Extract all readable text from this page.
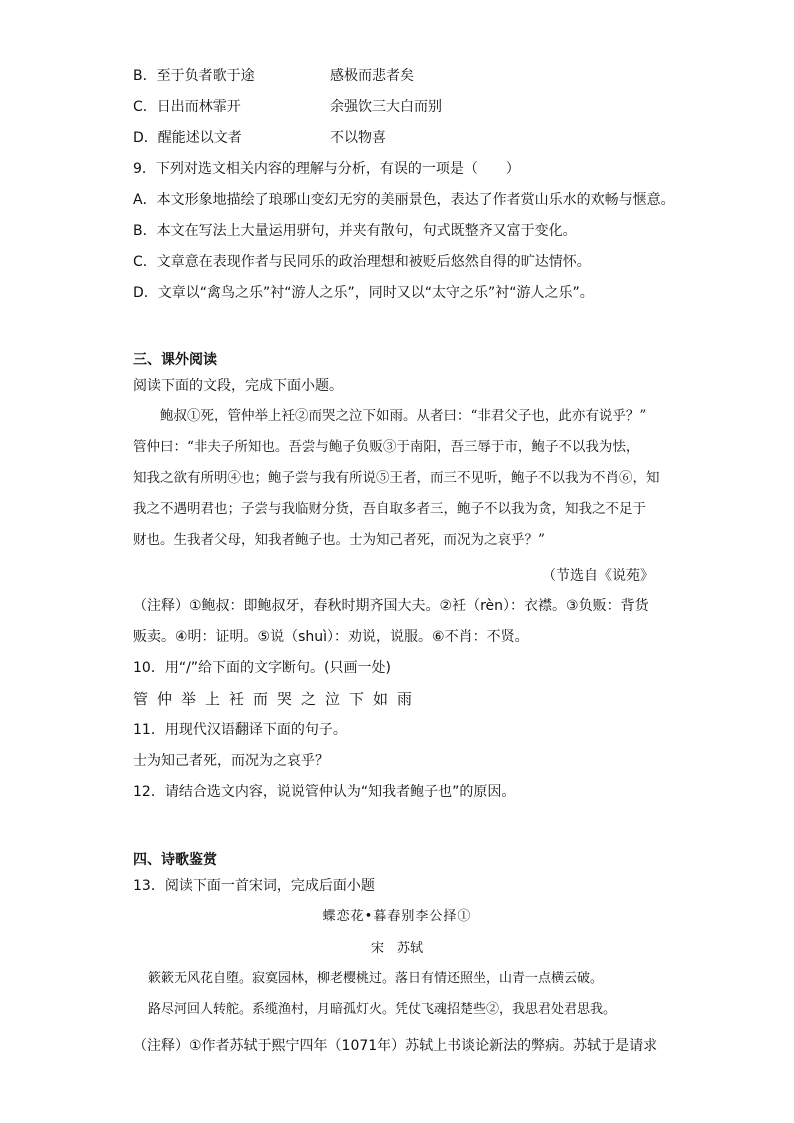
B．至于负者歌于途	感极而悲者矣
C．日出而林霏开	余强饮三大白而别
D．醒能述以文者	不以物喜
9．下列对选文相关内容的理解与分析，有误的一项是（　　）
A．本文形象地描绘了琅琊山变幻无穷的美丽景色，表达了作者赏山乐水的欢畅与惬意。
B．本文在写法上大量运用骈句，并夹有散句，句式既整齐又富于变化。
C．文章意在表现作者与民同乐的政治理想和被贬后悠然自得的旷达情怀。
D．文章以“禽鸟之乐”衬“游人之乐”，同时又以“太守之乐”衬“游人之乐”。
三、课外阅读
阅读下面的文段，完成下面小题。
　　鲍叔①死，管仲举上衽②而哭之泣下如雨。从者曰：“非君父子也，此亦有说乎？”
管仲曰：“非夫子所知也。吾尝与鲍子负贩③于南阳，吾三辱于市，鲍子不以我为怯，
知我之欲有所明④也；鲍子尝与我有所说⑤王者，而三不见听，鲍子不以我为不肖⑥，知
我之不遇明君也；子尝与我临财分货，吾自取多者三，鲍子不以我为贪，知我之不足于
财也。生我者父母，知我者鲍子也。士为知己者死，而况为之哀乎？”
（节选自《说苑》
（注释）①鲍叔：即鲍叔牙，春秋时期齐国大夫。②衽（rèn）：衣襟。③负贩：背货
贩卖。④明：证明。⑤说（shuì）：劝说，说服。⑥不肖：不贤。
10．用“/”给下面的文字断句。(只画一处)
管仲举上衽而哭之泣下如雨
11．用现代汉语翻译下面的句子。
士为知己者死，而况为之哀乎？
12．请结合选文内容，说说管仲认为“知我者鲍子也”的原因。
四、诗歌鉴赏
13．阅读下面一首宋词，完成后面小题
蝶恋花•暮春别李公择①
宋　苏轼
簌簌无风花自堕。寂寞园林，柳老樱桃过。落日有情还照坐，山青一点横云破。
路尽河回人转舵。系缆渔村，月暗孤灯火。凭仗飞魂招楚些②，我思君处君思我。
（注释）①作者苏轼于熙宁四年（1071年）苏轼上书谈论新法的弊病。苏轼于是请求
